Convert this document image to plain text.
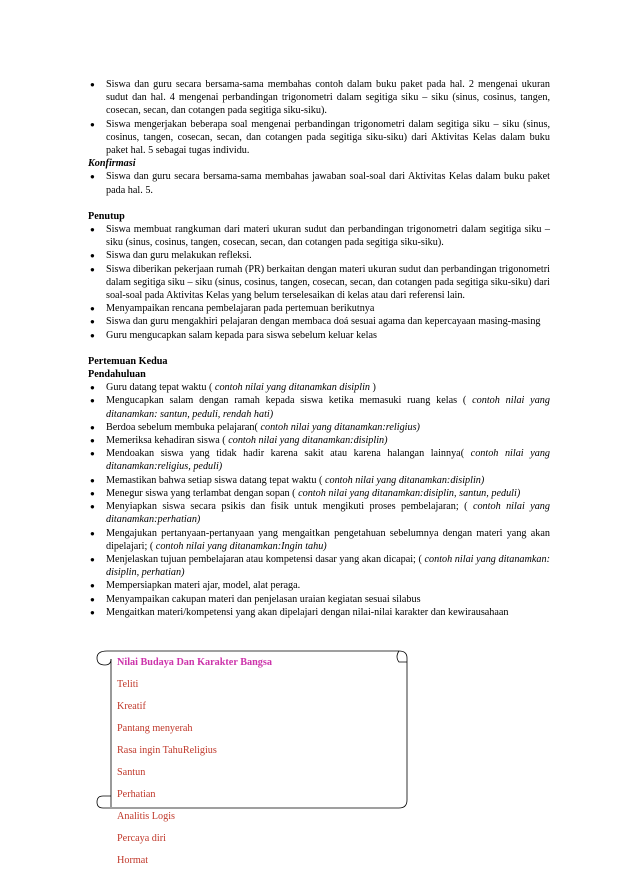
● Siswa dan guru secara bersama-sama membahas contoh dalam buku paket pada hal. 2 mengenai ukuran sudut dan hal. 4 mengenai perbandingan trigonometri dalam segitiga siku – siku (sinus, cosinus, tangen, cosecan, secan, dan cotangen pada segitiga siku-siku).
● Siswa mengerjakan beberapa soal mengenai perbandingan trigonometri dalam segitiga siku – siku (sinus, cosinus, tangen, cosecan, secan, dan cotangen pada segitiga siku-siku) dari Aktivitas Kelas dalam buku paket hal. 5 sebagai tugas individu.

Konfirmasi

● Siswa dan guru secara bersama-sama membahas jawaban soal-soal dari Aktivitas Kelas dalam buku paket pada hal. 5.

Penutup

● Siswa membuat rangkuman dari materi ukuran sudut dan perbandingan trigonometri dalam segitiga siku – siku (sinus, cosinus, tangen, cosecan, secan, dan cotangen pada segitiga siku-siku).
● Siswa dan guru melakukan refleksi.
● Siswa diberikan pekerjaan rumah (PR) berkaitan dengan materi ukuran sudut dan perbandingan trigonometri dalam segitiga siku – siku (sinus, cosinus, tangen, cosecan, secan, dan cotangen pada segitiga siku-siku) dari soal-soal pada Aktivitas Kelas yang belum terselesaikan di kelas atau dari referensi lain.
● Menyampaikan rencana pembelajaran pada pertemuan berikutnya
● Siswa dan guru mengakhiri pelajaran dengan membaca doá sesuai agama dan kepercayaan masing-masing
● Guru mengucapkan salam kepada para siswa sebelum keluar kelas

Pertemuan Kedua

Pendahuluan

● Guru datang tepat waktu ( contoh nilai yang ditanamkan disiplin )
● Mengucapkan salam dengan ramah kepada siswa ketika memasuki ruang kelas ( contoh nilai yang ditanamkan: santun, peduli, rendah hati)
● Berdoa sebelum membuka pelajaran( contoh nilai yang ditanamkan:religius)
● Memeriksa kehadiran siswa ( contoh nilai yang ditanamkan:disiplin)
● Mendoakan siswa yang tidak hadir karena sakit atau karena halangan lainnya( contoh nilai yang ditanamkan:religius, peduli)
● Memastikan bahwa setiap siswa datang tepat waktu ( contoh nilai yang ditanamkan:disiplin)
● Menegur siswa yang terlambat dengan sopan ( contoh nilai yang ditanamkan:disiplin, santun, peduli)
● Menyiapkan siswa secara psikis dan fisik untuk mengikuti proses pembelajaran; ( contoh nilai yang ditanamkan:perhatian)
● Mengajukan pertanyaan-pertanyaan yang mengaitkan pengetahuan sebelumnya dengan materi yang akan dipelajari; ( contoh nilai yang ditanamkan:Ingin tahu)
● Menjelaskan tujuan pembelajaran atau kompetensi dasar yang akan dicapai; ( contoh nilai yang ditanamkan: disiplin, perhatian)
● Mempersiapkan materi ajar, model, alat peraga.
● Menyampaikan cakupan materi dan penjelasan uraian kegiatan sesuai silabus
● Mengaitkan materi/kompetensi yang akan dipelajari dengan nilai-nilai karakter dan kewirausahaan
Nilai Budaya Dan Karakter Bangsa
Teliti
Kreatif
Pantang menyerah
Rasa ingin TahuReligius
Santun
Perhatian
Analitis Logis
Percaya diri
Hormat
